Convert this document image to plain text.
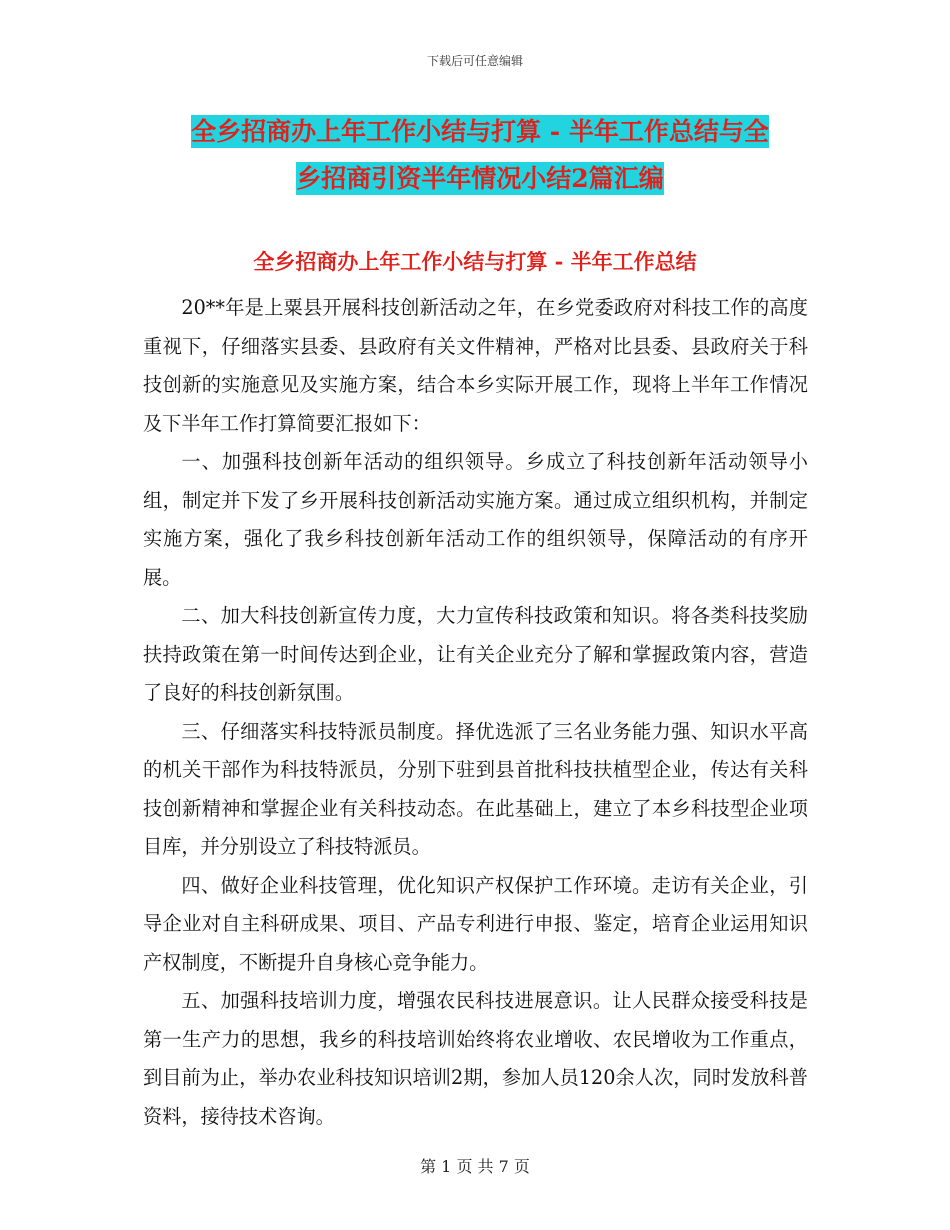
下载后可任意编辑
全乡招商办上年工作小结与打算 - 半年工作总结与全
乡招商引资半年情况小结2篇汇编
全乡招商办上年工作小结与打算 - 半年工作总结

20**年是上粟县开展科技创新活动之年，在乡党委政府对科技工作的高度重视下，仔细落实县委、县政府有关文件精神，严格对比县委、县政府关于科技创新的实施意见及实施方案，结合本乡实际开展工作，现将上半年工作情况及下半年工作打算简要汇报如下：

一、加强科技创新年活动的组织领导。乡成立了科技创新年活动领导小组，制定并下发了乡开展科技创新活动实施方案。通过成立组织机构，并制定实施方案，强化了我乡科技创新年活动工作的组织领导，保障活动的有序开展。

二、加大科技创新宣传力度，大力宣传科技政策和知识。将各类科技奖励扶持政策在第一时间传达到企业，让有关企业充分了解和掌握政策内容，营造了良好的科技创新氛围。

三、仔细落实科技特派员制度。择优选派了三名业务能力强、知识水平高的机关干部作为科技特派员，分别下驻到县首批科技扶植型企业，传达有关科技创新精神和掌握企业有关科技动态。在此基础上，建立了本乡科技型企业项目库，并分别设立了科技特派员。

四、做好企业科技管理，优化知识产权保护工作环境。走访有关企业，引导企业对自主科研成果、项目、产品专利进行申报、鉴定，培育企业运用知识产权制度，不断提升自身核心竞争能力。

五、加强科技培训力度，增强农民科技进展意识。让人民群众接受科技是第一生产力的思想，我乡的科技培训始终将农业增收、农民增收为工作重点，到目前为止，举办农业科技知识培训2期，参加人员120余人次，同时发放科普资料，接待技术咨询。

第 1 页 共 7 页
